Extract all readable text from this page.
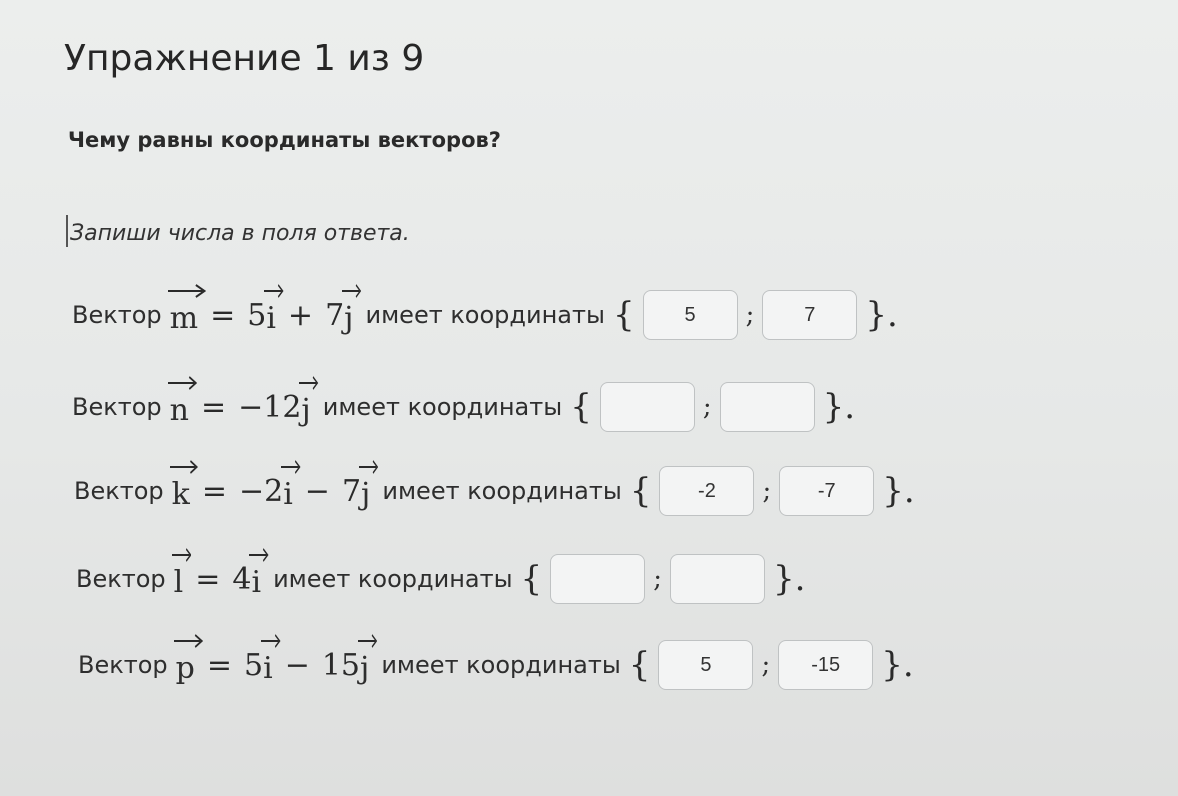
Упражнение 1 из 9
Чему равны координаты векторов?
Запиши числа в поля ответа.
Вектор m = 5 i + 7 j имеет координаты {
5	;
7	}.
Вектор n = −12 j имеет координаты {	;	}.
Вектор k = −2 i − 7 j имеет координаты {
-2	;
-7	}.
Вектор l = 4 i имеет координаты {	;	}.
Вектор p = 5 i − 15 j имеет координаты {
5	;
-15	}.
